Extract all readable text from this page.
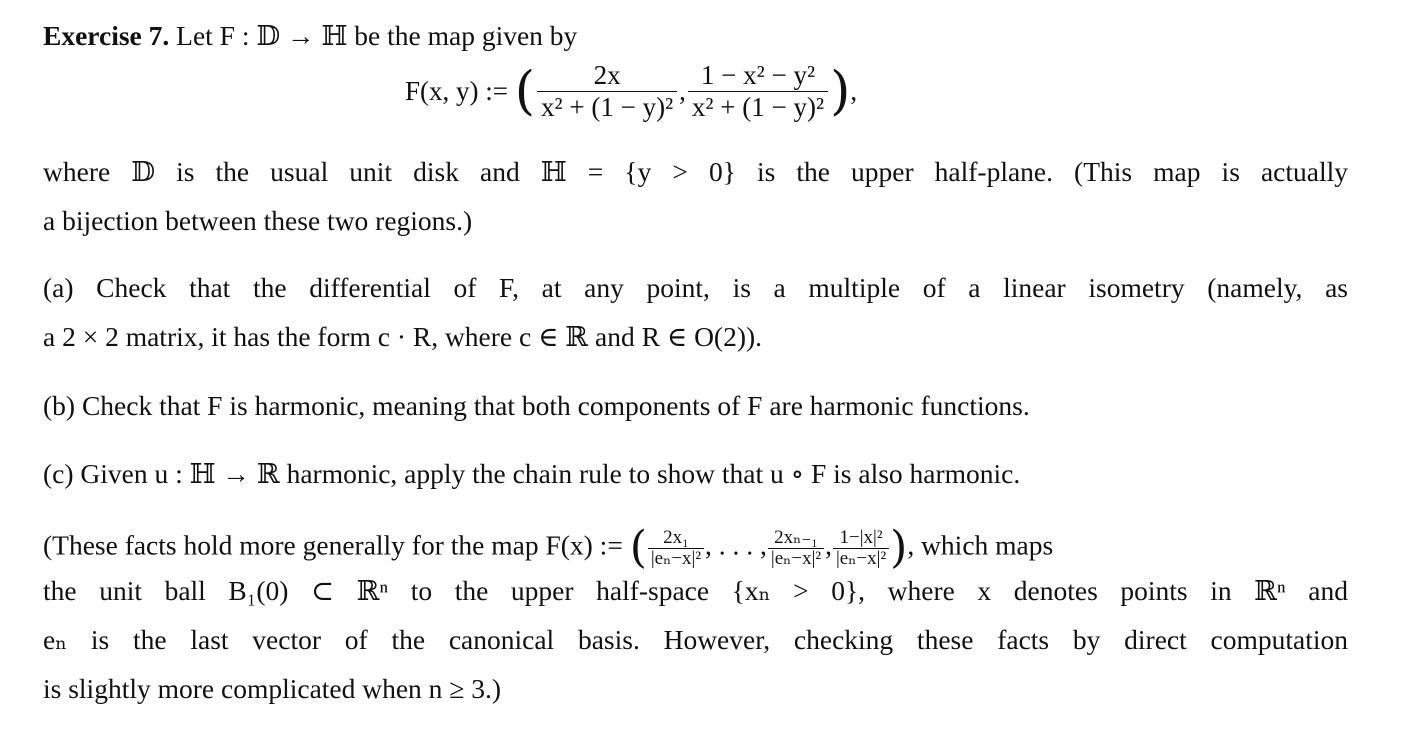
Exercise 7. Let F : 𝔻 → ℍ be the map given by
F(x, y) := ( $\frac{2x}{\text{x² + (1 − y)²}}$ , $\frac{\text{1 − x² − y²}}{\text{x² + (1 − y)²}}$ ),
where 𝔻 is the usual unit disk and ℍ = {y > 0} is the upper half-plane. (This map is actually
a bijection between these two regions.)
(a) Check that the differential of F, at any point, is a multiple of a linear isometry (namely, as
a 2 × 2 matrix, it has the form c · R, where c ∈ ℝ and R ∈ O(2)).
(b) Check that F is harmonic, meaning that both components of F are harmonic functions.
(c) Given u : ℍ → ℝ harmonic, apply the chain rule to show that u ∘ F is also harmonic.
(These facts hold more generally for the map F(x) := ( $\frac{\text{2x₁}}{\text{|eₙ−x|²}}$ , . . . , $\frac{\text{2xₙ₋₁}}{\text{|eₙ−x|²}}$ , $\frac{\text{1−|x|²}}{\text{|eₙ−x|²}}$ ), which maps
the unit ball B₁(0) ⊂ ℝⁿ to the upper half-space {xₙ > 0}, where x denotes points in ℝⁿ and
eₙ is the last vector of the canonical basis. However, checking these facts by direct computation
is slightly more complicated when n ≥ 3.)
